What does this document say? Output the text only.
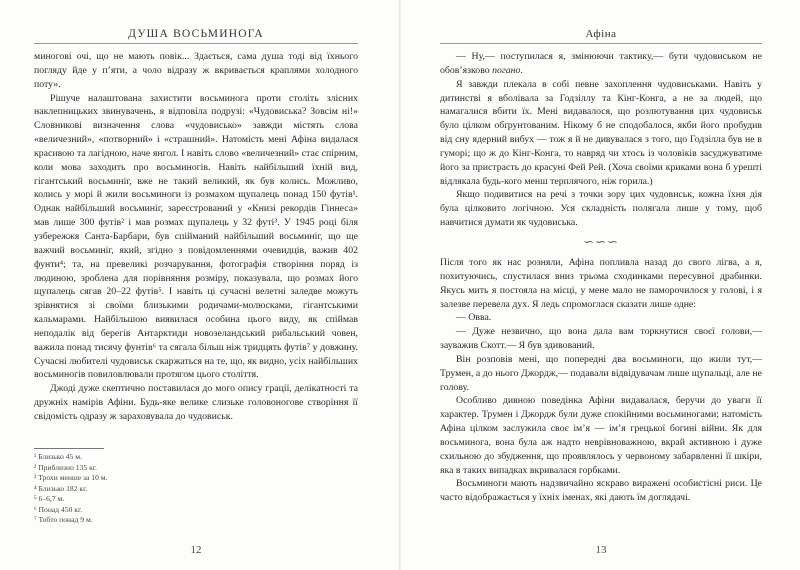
ДУША ВОСЬМИНОГА

миногові очі, що не мають повік... Здається, сама душа тоді від їхнього погляду йде у п’яти, а чоло відразу ж вкривається краплями холодного поту».

Рішуче налаштована захистити восьминога проти століть злісних наклепницьких звинувачень, я відповіла подрузі: «Чудовиська? Зовсім ні!» Словникові визначення слова «чудовисько» завжди містять слова «величезний», «потворний» і «страшний». Натомість мені Афіна видалася красивою та лагідною, наче янгол. І навіть слово «величезний» стає спірним, коли мова заходить про восьминогів. Навіть найбільший їхній вид, гігантський восьминіг, вже не такий великий, як був колись. Можливо, колись у морі й жили восьминоги із розмахом щупалець понад 150 футів¹. Однак найбільший восьминіг, зареєстрований у «Книзі рекордів Гіннеса» мав лише 300 футів² і мав розмах щупалець у 32 футі³. У 1945 році біля узбережжя Санта-Барбари, був спійманий найбільший восьминіг, що ще важчий восьминіг, який, згідно з повідомленнями очевидців, важив 402 фунти⁴; та, на превеликі розчарування, фотографія створіння поряд із людиною, зроблена для порівняння розміру, показувала, що розмах його щупалець сягав 20–22 футів⁵. І навіть ці сучасні велетні заледве можуть зрівнятися зі своїми близькими родичами-молюсками, гігантськими кальмарами. Найбільшою виявилася особина цього виду, як спіймав неподалік від берегів Антарктиди новозеландський рибальський човен, важила понад тисячу фунтів⁶ та сягала більш ніж тридцять футів⁷ у довжину. Сучасні любителі чудовиськ скаржаться на те, що, як видно, усіх найбільших восьминогів повиловлювали протягом цього століття.

Джоді дуже скептично поставилася до мого опису грації, делікатності та дружніх намірів Афіни. Будь-яке велике слизьке головоногове створіння її свідомість одразу ж зараховувала до чудовиськ.

¹ Близько 45 м.
² Приблизно 135 кг.
³ Трохи менше за 10 м.
⁴ Близько 182 кг.
⁵ 6–6,7 м.
⁶ Понад 450 кг.
⁷ Тобто понад 9 м.
12
Афіна

— Ну,— поступилася я, змінюючи тактику,— бути чудовиськом не обов’язково погано.

Я завжди плекала в собі певне захоплення чудовиськами. Навіть у дитинстві я вболівала за Годзіллу та Кінг-Конга, а не за людей, що намагалися вбити їх. Мені видавалося, що розлютування цих чудовиськ було цілком обґрунтованим. Нікому б не сподобалося, якби його пробудив від сну ядерний вибух — тож я й не дивувалася з того, що Годзілла був не в гуморі; що ж до Кінг-Конга, то навряд чи хтось із чоловіків засуджуватиме його за пристрасть до красуні Фей Рей. (Хоча своїми криками вона б урешті відлякала будь-кого менш терплячого, ніж горила.)

Якщо подивитися на речі з точки зору цих чудовиськ, кожна їхня дія була цілковито логічною. Уся складність полягала лише у тому, щоб навчитися думати як чудовиська.

∽∽∽

Після того як нас розняли, Афіна попливла назад до свого лігва, а я, похитуючись, спустилася вниз трьома сходинками пересувної драбинки. Якусь мить я постояла на місці, у мене мало не паморочилося у голові, і я залезве перевела дух. Я ледь спромоглася сказати лише одне:

— Овва.

— Дуже незвично, що вона дала вам торкнутися своєї голови,— зауважив Скотт.— Я був здивований.

Він розповів мені, що попередні два восьминоги, що жили тут,— Трумен, а до нього Джордж,— подавали відвідувачам лише щупальці, але не голову.

Особливо дивною поведінка Афіни видавалася, беручи до уваги її характер. Трумен і Джордж були дуже спокійними восьминогами; натомість Афіна цілком заслужила своє ім’я — ім’я грецької богині війни. Як для восьминога, вона була аж надто неврівноважною, вкрай активною і дуже схильною до збудження, що проявлялось у червоному забарвленні її шкіри, яка в таких випадках вкривалася горбками.

Восьминоги мають надзвичайно яскраво виражені особистісні риси. Це часто відображається у їхніх іменах, які дають їм доглядачі.

13
